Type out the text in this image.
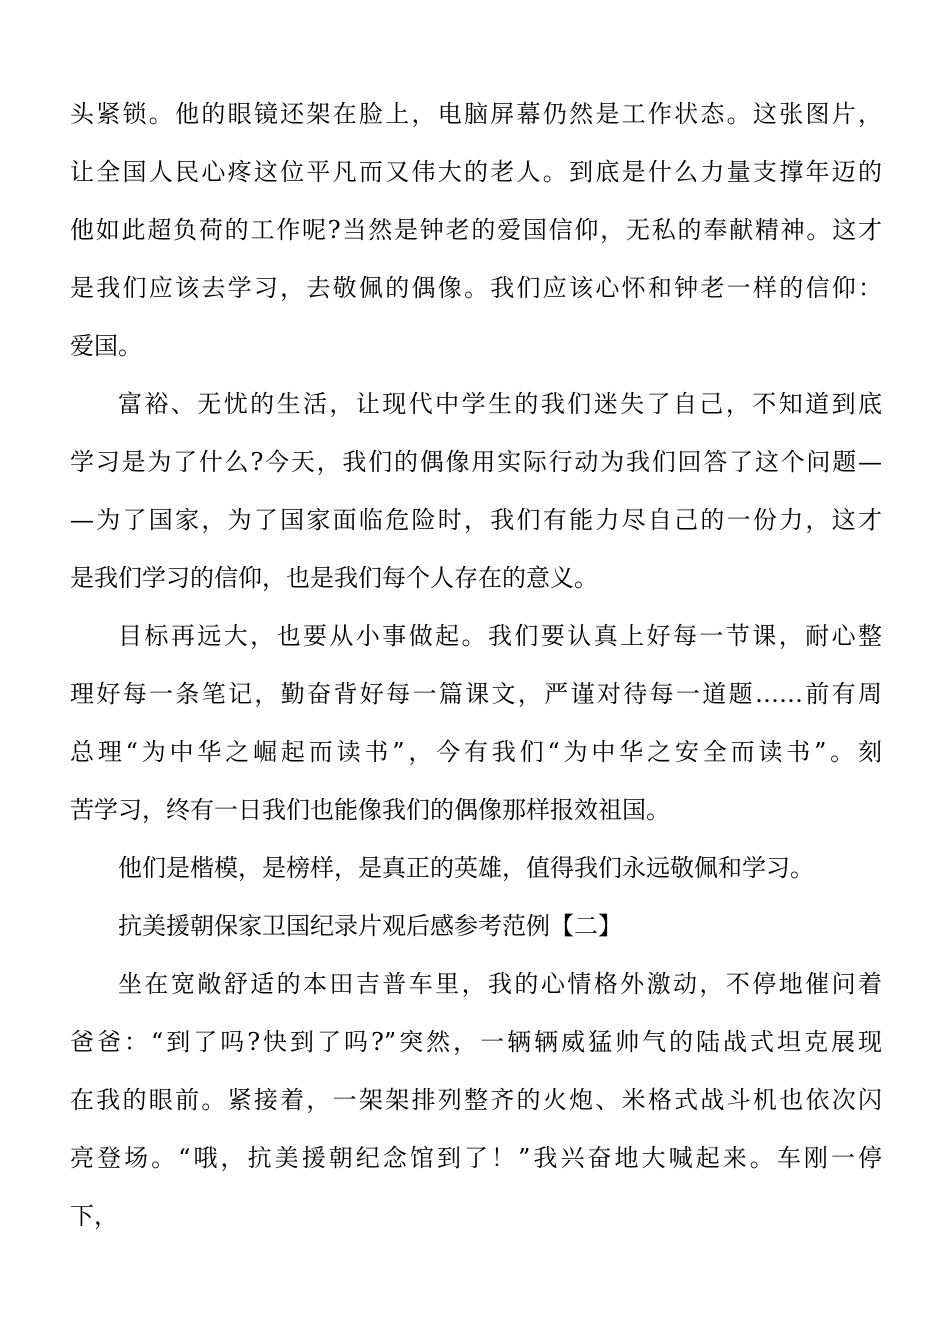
头紧锁。他的眼镜还架在脸上，电脑屏幕仍然是工作状态。这张图片，
让全国人民心疼这位平凡而又伟大的老人。到底是什么力量支撑年迈的
他如此超负荷的工作呢?当然是钟老的爱国信仰，无私的奉献精神。这才
是我们应该去学习，去敬佩的偶像。我们应该心怀和钟老一样的信仰：
爱国。
富裕、无忧的生活，让现代中学生的我们迷失了自己，不知道到底
学习是为了什么?今天，我们的偶像用实际行动为我们回答了这个问题—
—为了国家，为了国家面临危险时，我们有能力尽自己的一份力，这才
是我们学习的信仰，也是我们每个人存在的意义。
目标再远大，也要从小事做起。我们要认真上好每一节课，耐心整
理好每一条笔记，勤奋背好每一篇课文，严谨对待每一道题……前有周
总理“为中华之崛起而读书”，今有我们“为中华之安全而读书”。刻
苦学习，终有一日我们也能像我们的偶像那样报效祖国。
他们是楷模，是榜样，是真正的英雄，值得我们永远敬佩和学习。
抗美援朝保家卫国纪录片观后感参考范例【二】
坐在宽敞舒适的本田吉普车里，我的心情格外激动，不停地催问着
爸爸：“到了吗?快到了吗?”突然，一辆辆威猛帅气的陆战式坦克展现
在我的眼前。紧接着，一架架排列整齐的火炮、米格式战斗机也依次闪
亮登场。“哦，抗美援朝纪念馆到了！”我兴奋地大喊起来。车刚一停
下，
